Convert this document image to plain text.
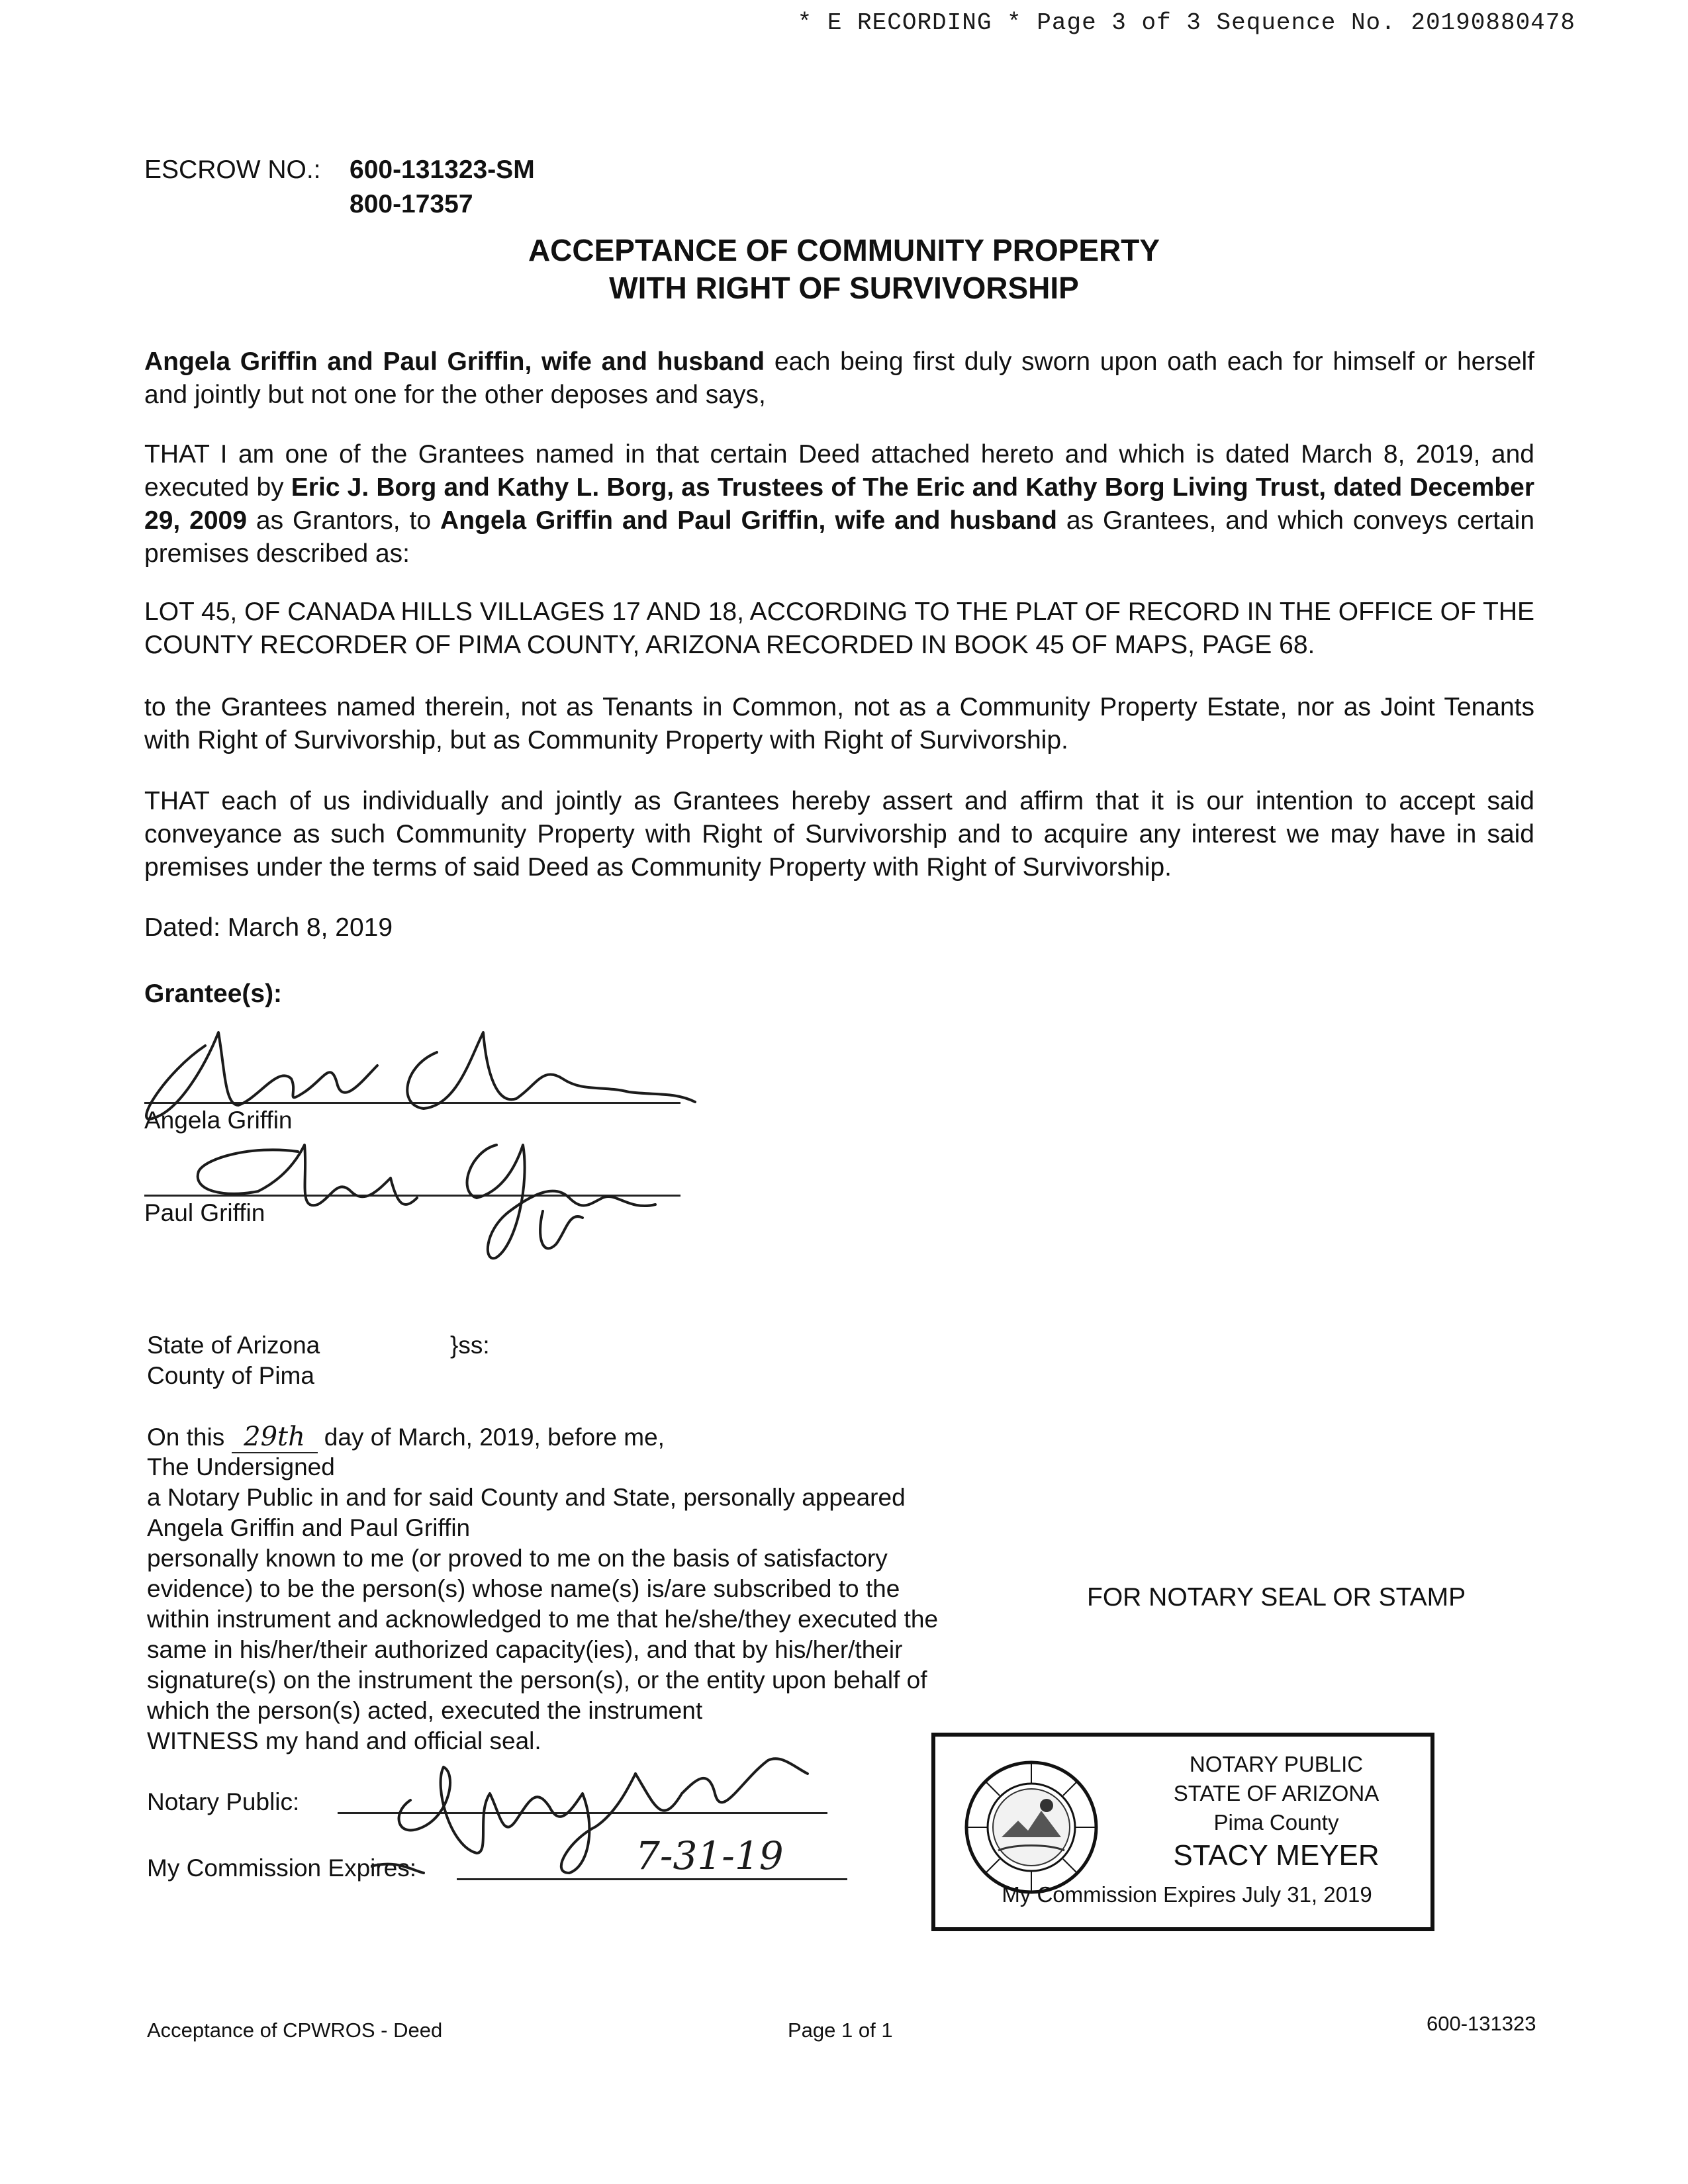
* E RECORDING * Page 3 of 3 Sequence No. 20190880478
ESCROW NO.: 600-131323-SM
800-17357
ACCEPTANCE OF COMMUNITY PROPERTY
WITH RIGHT OF SURVIVORSHIP
Angela Griffin and Paul Griffin, wife and husband each being first duly sworn upon oath each for himself or herself and jointly but not one for the other deposes and says,
THAT I am one of the Grantees named in that certain Deed attached hereto and which is dated March 8, 2019, and executed by Eric J. Borg and Kathy L. Borg, as Trustees of The Eric and Kathy Borg Living Trust, dated December 29, 2009 as Grantors, to Angela Griffin and Paul Griffin, wife and husband as Grantees, and which conveys certain premises described as:
LOT 45, OF CANADA HILLS VILLAGES 17 AND 18, ACCORDING TO THE PLAT OF RECORD IN THE OFFICE OF THE COUNTY RECORDER OF PIMA COUNTY, ARIZONA RECORDED IN BOOK 45 OF MAPS, PAGE 68.
to the Grantees named therein, not as Tenants in Common, not as a Community Property Estate, nor as Joint Tenants with Right of Survivorship, but as Community Property with Right of Survivorship.
THAT each of us individually and jointly as Grantees hereby assert and affirm that it is our intention to accept said conveyance as such Community Property with Right of Survivorship and to acquire any interest we may have in said premises under the terms of said Deed as Community Property with Right of Survivorship.
Dated: March 8, 2019
Grantee(s):
Angela Griffin
Paul Griffin
State of Arizona	}ss:
County of Pima
On this 29th day of March, 2019, before me,
The Undersigned
a Notary Public in and for said County and State, personally appeared
Angela Griffin and Paul Griffin
personally known to me (or proved to me on the basis of satisfactory
evidence) to be the person(s) whose name(s) is/are subscribed to the
within instrument and acknowledged to me that he/she/they executed the
same in his/her/their authorized capacity(ies), and that by his/her/their
signature(s) on the instrument the person(s), or the entity upon behalf of
which the person(s) acted, executed the instrument
WITNESS my hand and official seal.
Notary Public:
My Commission Expires:	7-31-19
FOR NOTARY SEAL OR STAMP
NOTARY PUBLIC
STATE OF ARIZONA
Pima County
STACY MEYER
My Commission Expires July 31, 2019
Acceptance of CPWROS - Deed	Page 1 of 1	600-131323
